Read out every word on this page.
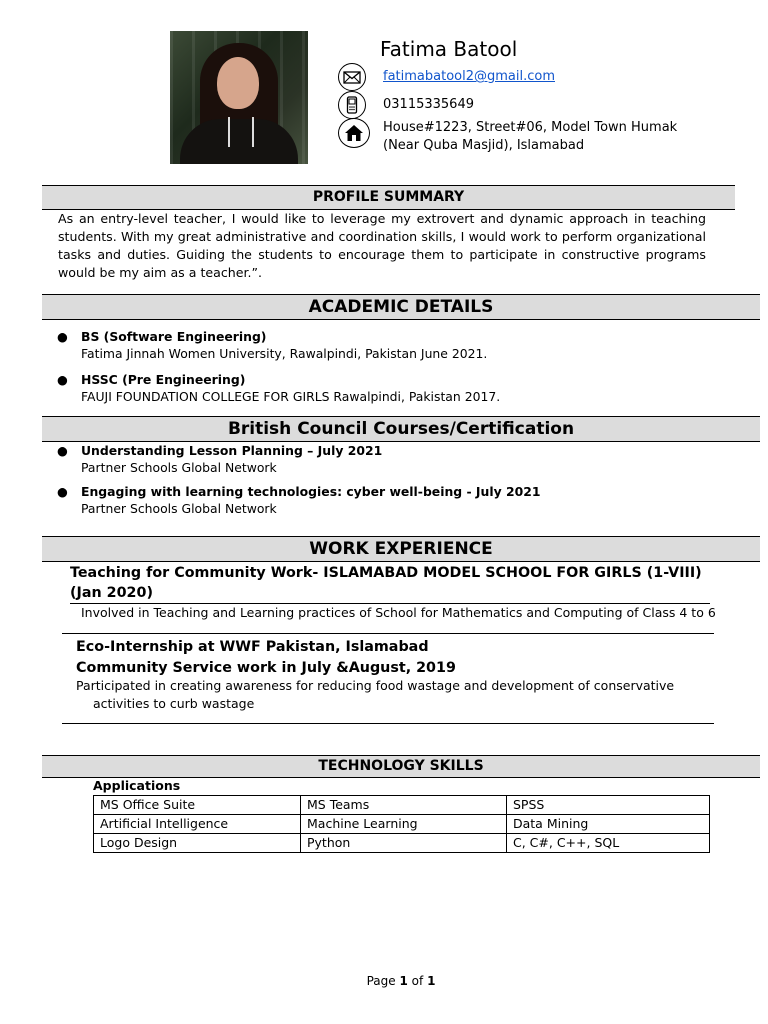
Fatima Batool
fatimabatool2@gmail.com
03115335649
House#1223, Street#06, Model Town Humak
(Near Quba Masjid), Islamabad
PROFILE SUMMARY
As an entry-level teacher, I would like to leverage my extrovert and dynamic approach in teaching
students. With my great administrative and coordination skills, I would work to perform organizational
tasks and duties. Guiding the students to encourage them to participate in constructive programs
would be my aim as a teacher.”.
ACADEMIC DETAILS
● BS (Software Engineering)
Fatima Jinnah Women University, Rawalpindi, Pakistan June 2021.
● HSSC (Pre Engineering)
FAUJI FOUNDATION COLLEGE FOR GIRLS Rawalpindi, Pakistan 2017.
British Council Courses/Certification
● Understanding Lesson Planning – July 2021
Partner Schools Global Network
● Engaging with learning technologies: cyber well-being - July 2021
Partner Schools Global Network
WORK EXPERIENCE
Teaching for Community Work- ISLAMABAD MODEL SCHOOL FOR GIRLS (1-VIII)
(Jan 2020)
Involved in Teaching and Learning practices of School for Mathematics and Computing of Class 4 to 6
Eco-Internship at WWF Pakistan, Islamabad
Community Service work in July &August, 2019
Participated in creating awareness for reducing food wastage and development of conservative
activities to curb wastage
TECHNOLOGY SKILLS
Applications
MS Office Suite	MS Teams	SPSS
Artificial Intelligence	Machine Learning	Data Mining
Logo Design	Python	C, C#, C++, SQL
Page 1 of 1
